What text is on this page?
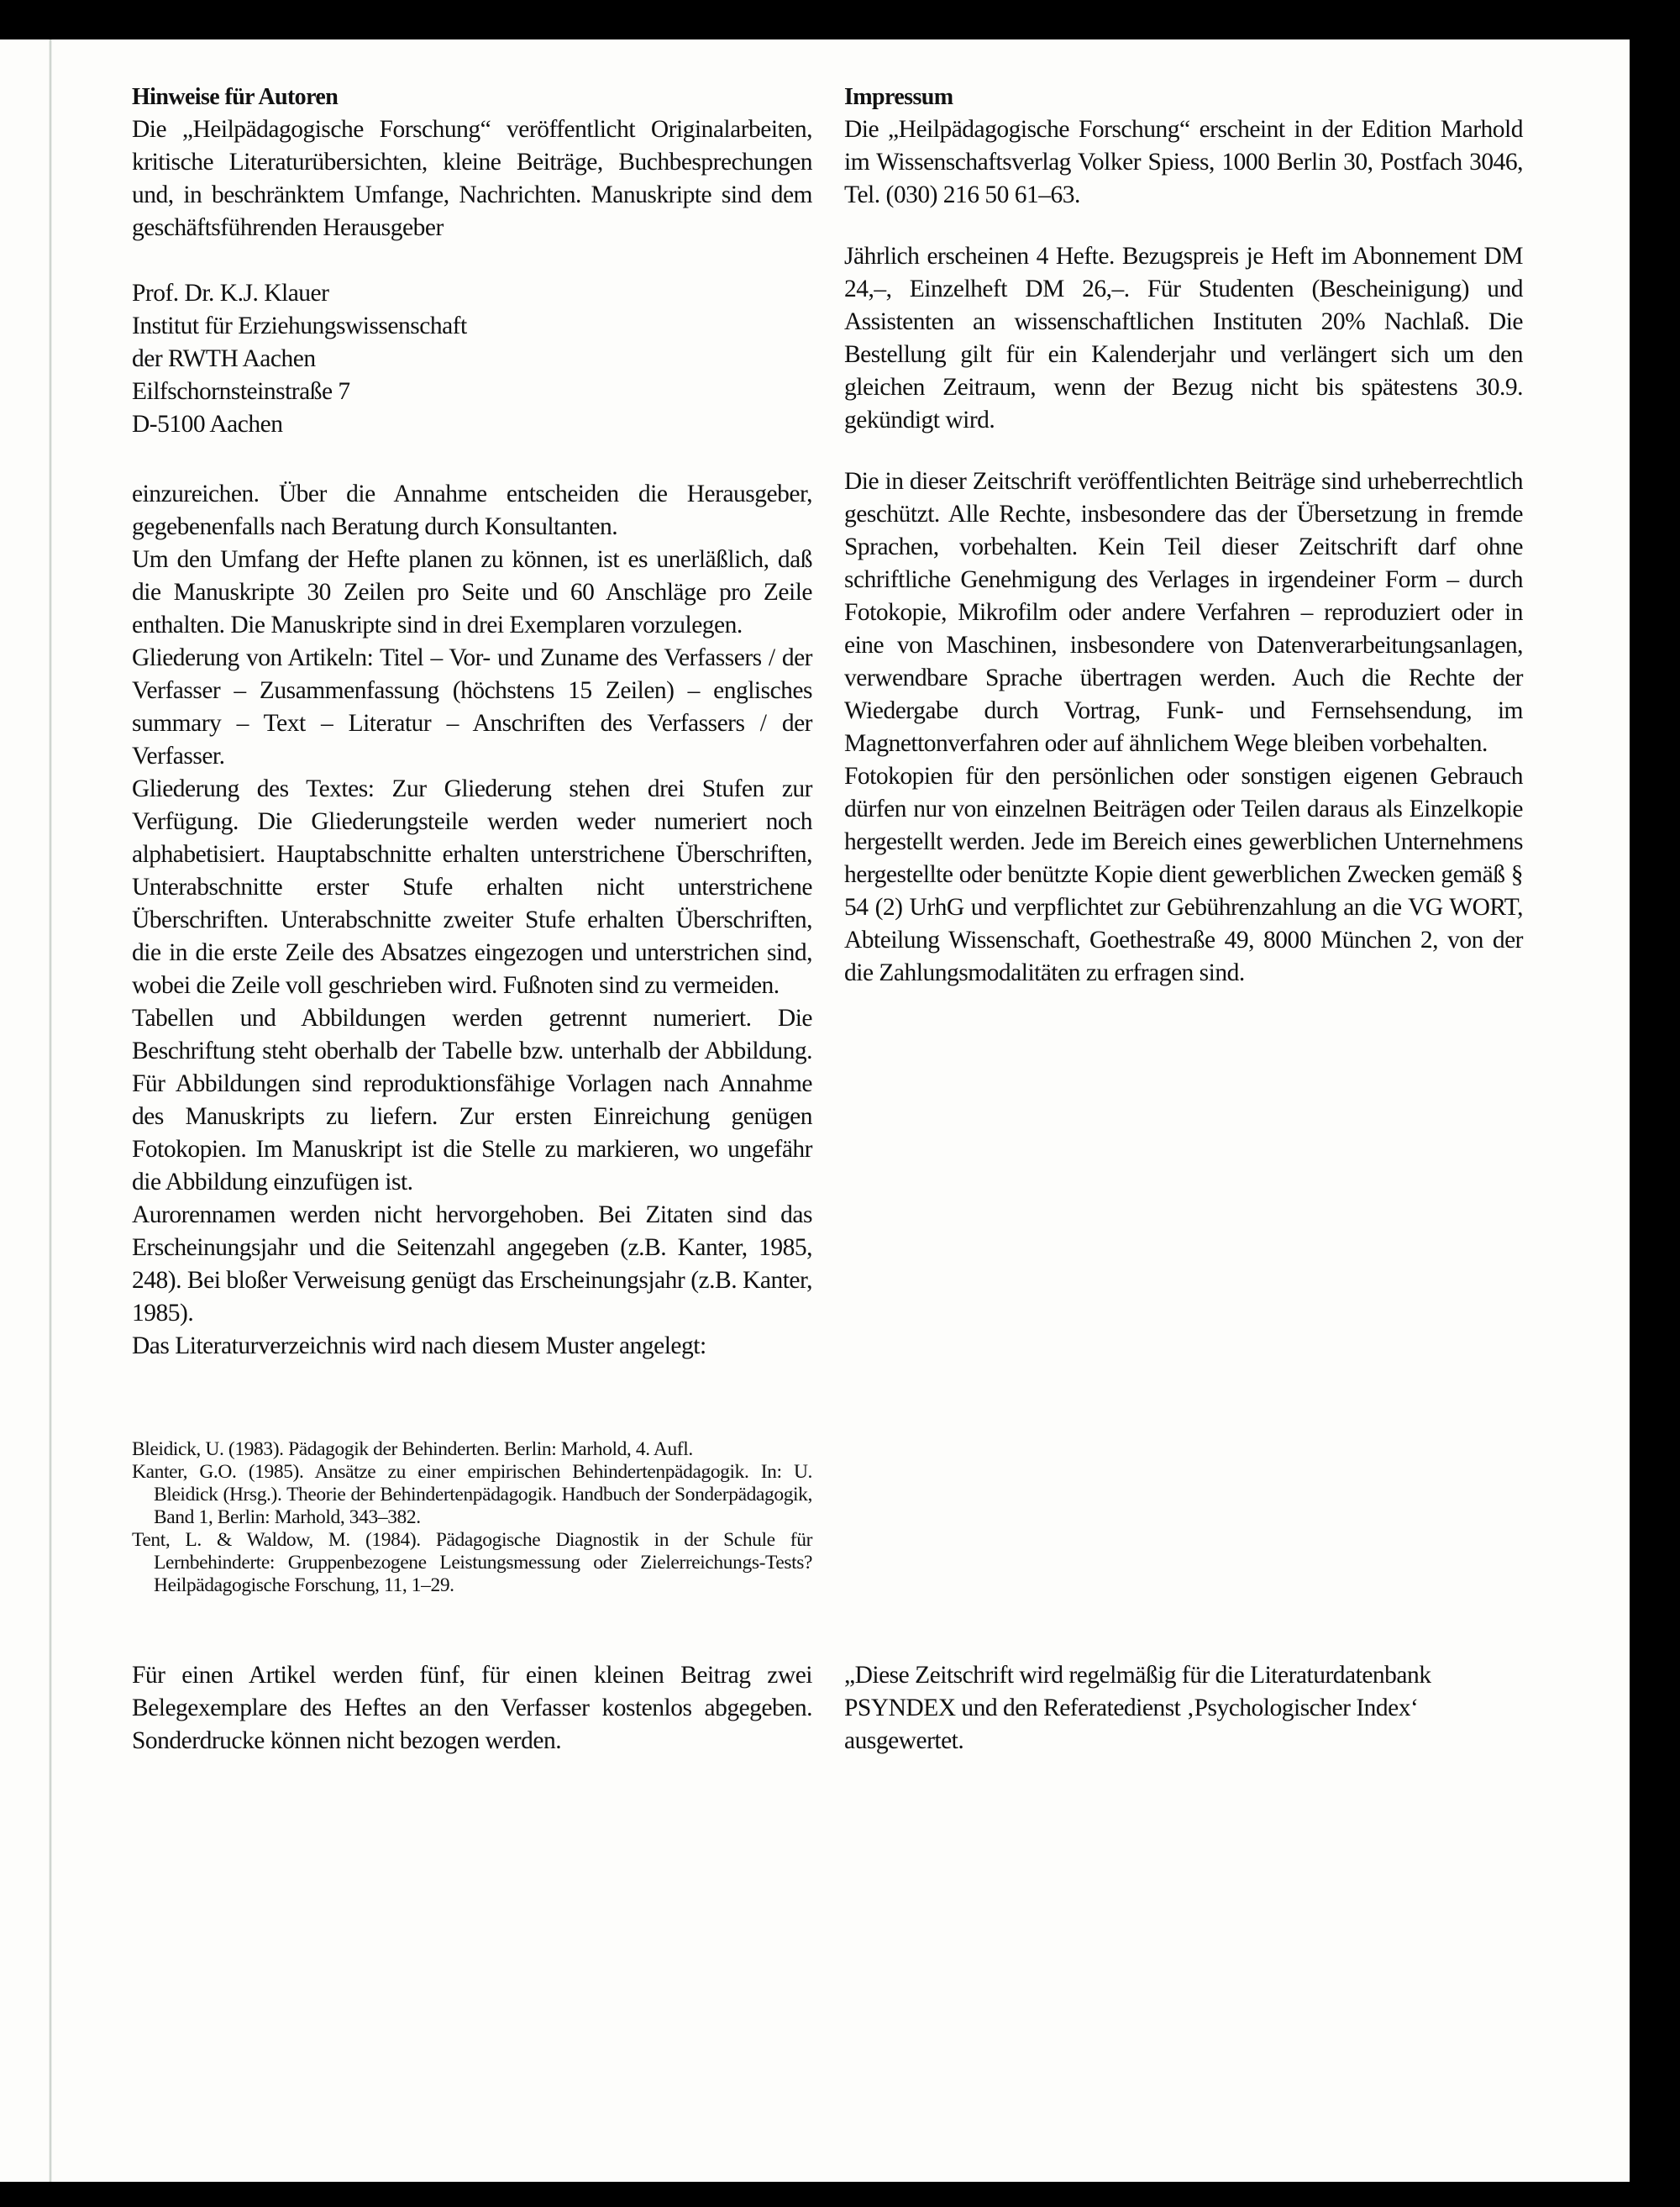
Hinweise für Autoren

Die „Heilpädagogische Forschung“ veröffentlicht Originalarbeiten, kritische Literaturübersichten, kleine Beiträge, Buchbesprechungen und, in beschränktem Umfange, Nachrichten. Manuskripte sind dem geschäftsführenden Herausgeber

Prof. Dr. K.J. Klauer

Institut für Erziehungswissenschaft

der RWTH Aachen

Eilfschornsteinstraße 7

D-5100 Aachen

einzureichen. Über die Annahme entscheiden die Herausgeber, gegebenenfalls nach Beratung durch Konsultanten.

Um den Umfang der Hefte planen zu können, ist es unerläßlich, daß die Manuskripte 30 Zeilen pro Seite und 60 Anschläge pro Zeile enthalten. Die Manuskripte sind in drei Exemplaren vorzulegen.

Gliederung von Artikeln: Titel – Vor- und Zuname des Verfassers / der Verfasser – Zusammenfassung (höchstens 15 Zeilen) – englisches summary – Text – Literatur – Anschriften des Verfassers / der Verfasser.

Gliederung des Textes: Zur Gliederung stehen drei Stufen zur Verfügung. Die Gliederungsteile werden weder numeriert noch alphabetisiert. Hauptabschnitte erhalten unterstrichene Überschriften, Unterabschnitte erster Stufe erhalten nicht unterstrichene Überschriften. Unterabschnitte zweiter Stufe erhalten Überschriften, die in die erste Zeile des Absatzes eingezogen und unterstrichen sind, wobei die Zeile voll geschrieben wird. Fußnoten sind zu vermeiden.

Tabellen und Abbildungen werden getrennt numeriert. Die Beschriftung steht oberhalb der Tabelle bzw. unterhalb der Abbildung. Für Abbildungen sind reproduktionsfähige Vorlagen nach Annahme des Manuskripts zu liefern. Zur ersten Einreichung genügen Fotokopien. Im Manuskript ist die Stelle zu markieren, wo ungefähr die Abbildung einzufügen ist.

Aurorennamen werden nicht hervorgehoben. Bei Zitaten sind das Erscheinungsjahr und die Seitenzahl angegeben (z.B. Kanter, 1985, 248). Bei bloßer Verweisung genügt das Erscheinungsjahr (z.B. Kanter, 1985).

Das Literaturverzeichnis wird nach diesem Muster angelegt:

Bleidick, U. (1983). Pädagogik der Behinderten. Berlin: Marhold, 4. Aufl.

Kanter, G.O. (1985). Ansätze zu einer empirischen Behindertenpädagogik. In: U. Bleidick (Hrsg.). Theorie der Behindertenpädagogik. Handbuch der Sonderpädagogik, Band 1, Berlin: Marhold, 343–382.

Tent, L. & Waldow, M. (1984). Pädagogische Diagnostik in der Schule für Lernbehinderte: Gruppenbezogene Leistungsmessung oder Zielerreichungs-Tests? Heilpädagogische Forschung, 11, 1–29.

Für einen Artikel werden fünf, für einen kleinen Beitrag zwei Belegexemplare des Heftes an den Verfasser kostenlos abgegeben. Sonderdrucke können nicht bezogen werden.

Impressum

Die „Heilpädagogische Forschung“ erscheint in der Edition Marhold im Wissenschaftsverlag Volker Spiess, 1000 Berlin 30, Postfach 3046, Tel. (030) 216 50 61–63.

Jährlich erscheinen 4 Hefte. Bezugspreis je Heft im Abonnement DM 24,–, Einzelheft DM 26,–. Für Studenten (Bescheinigung) und Assistenten an wissenschaftlichen Instituten 20% Nachlaß. Die Bestellung gilt für ein Kalenderjahr und verlängert sich um den gleichen Zeitraum, wenn der Bezug nicht bis spätestens 30.9. gekündigt wird.

Die in dieser Zeitschrift veröffentlichten Beiträge sind urheberrechtlich geschützt. Alle Rechte, insbesondere das der Übersetzung in fremde Sprachen, vorbehalten. Kein Teil dieser Zeitschrift darf ohne schriftliche Genehmigung des Verlages in irgendeiner Form – durch Fotokopie, Mikrofilm oder andere Verfahren – reproduziert oder in eine von Maschinen, insbesondere von Datenverarbeitungsanlagen, verwendbare Sprache übertragen werden. Auch die Rechte der Wiedergabe durch Vortrag, Funk- und Fernsehsendung, im Magnettonverfahren oder auf ähnlichem Wege bleiben vorbehalten.

Fotokopien für den persönlichen oder sonstigen eigenen Gebrauch dürfen nur von einzelnen Beiträgen oder Teilen daraus als Einzelkopie hergestellt werden. Jede im Bereich eines gewerblichen Unternehmens hergestellte oder benützte Kopie dient gewerblichen Zwecken gemäß § 54 (2) UrhG und verpflichtet zur Gebührenzahlung an die VG WORT, Abteilung Wissenschaft, Goethestraße 49, 8000 München 2, von der die Zahlungsmodalitäten zu erfragen sind.

„Diese Zeitschrift wird regelmäßig für die Literaturdatenbank PSYNDEX und den Referatedienst ‚Psychologischer Index‘ ausgewertet.
